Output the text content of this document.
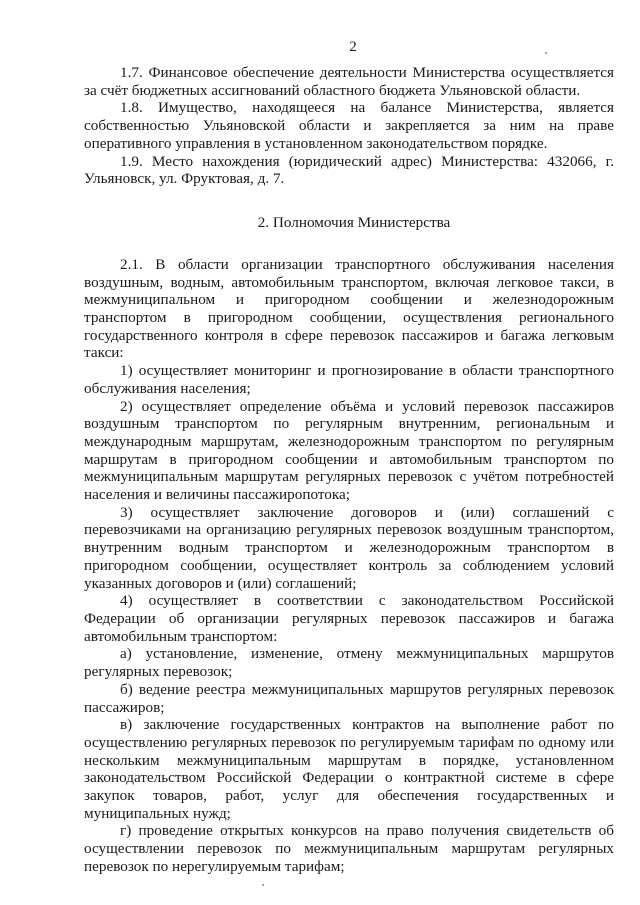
2

1.7. Финансовое обеспечение деятельности Министерства осуществляется за счёт бюджетных ассигнований областного бюджета Ульяновской области.

1.8. Имущество, находящееся на балансе Министерства, является собственностью Ульяновской области и закрепляется за ним на праве оперативного управления в установленном законодательством порядке.

1.9. Место нахождения (юридический адрес) Министерства: 432066, г. Ульяновск, ул. Фруктовая, д. 7.

2. Полномочия Министерства

2.1. В области организации транспортного обслуживания населения воздушным, водным, автомобильным транспортом, включая легковое такси, в межмуниципальном и пригородном сообщении и железнодорожным транспортом в пригородном сообщении, осуществления регионального государственного контроля в сфере перевозок пассажиров и багажа легковым такси:

1) осуществляет мониторинг и прогнозирование в области транспортного обслуживания населения;

2) осуществляет определение объёма и условий перевозок пассажиров воздушным транспортом по регулярным внутренним, региональным и международным маршрутам, железнодорожным транспортом по регулярным маршрутам в пригородном сообщении и автомобильным транспортом по межмуниципальным маршрутам регулярных перевозок с учётом потребностей населения и величины пассажиропотока;

3) осуществляет заключение договоров и (или) соглашений с перевозчиками на организацию регулярных перевозок воздушным транспортом, внутренним водным транспортом и железнодорожным транспортом в пригородном сообщении, осуществляет контроль за соблюдением условий указанных договоров и (или) соглашений;

4) осуществляет в соответствии с законодательством Российской Федерации об организации регулярных перевозок пассажиров и багажа автомобильным транспортом:

а) установление, изменение, отмену межмуниципальных маршрутов регулярных перевозок;

б) ведение реестра межмуниципальных маршрутов регулярных перевозок пассажиров;

в) заключение государственных контрактов на выполнение работ по осуществлению регулярных перевозок по регулируемым тарифам по одному или нескольким межмуниципальным маршрутам в порядке, установленном законодательством Российской Федерации о контрактной системе в сфере закупок товаров, работ, услуг для обеспечения государственных и муниципальных нужд;

г) проведение открытых конкурсов на право получения свидетельств об осуществлении перевозок по межмуниципальным маршрутам регулярных перевозок по нерегулируемым тарифам;
